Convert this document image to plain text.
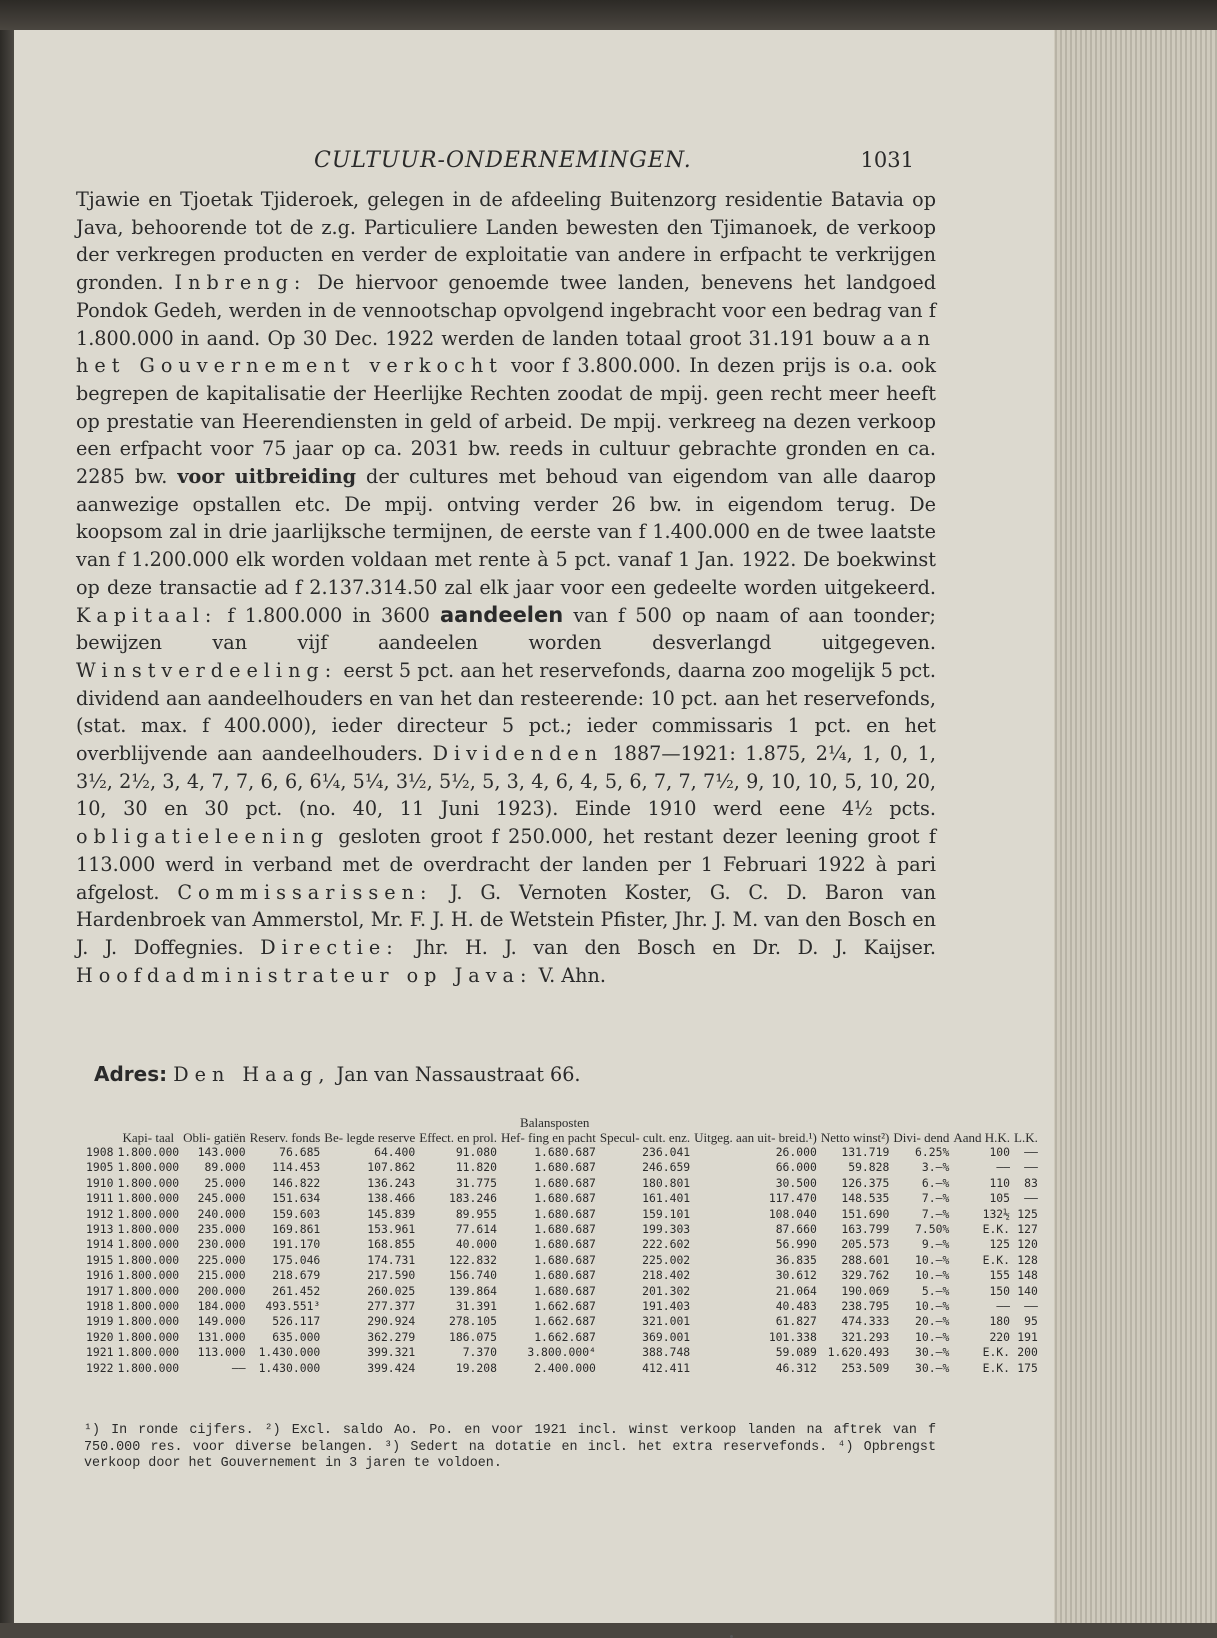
CULTUUR-ONDERNEMINGEN.	1031

Tjawie en Tjoetak Tjideroek, gelegen in de afdeeling Buitenzorg residentie Batavia op Java, behoorende tot de z.g. Particuliere Landen bewesten den Tjimanoek, de verkoop der verkregen producten en verder de exploitatie van andere in erfpacht te verkrijgen gronden. Inbreng: De hiervoor genoemde twee landen, benevens het landgoed Pondok Gedeh, werden in de vennootschap opvolgend ingebracht voor een bedrag van f 1.800.000 in aand. Op 30 Dec. 1922 werden de landen totaal groot 31.191 bouw aan het Gouvernement verkocht voor f 3.800.000. In dezen prijs is o.a. ook begrepen de kapitalisatie der Heerlijke Rechten zoodat de mpij. geen recht meer heeft op prestatie van Heerendiensten in geld of arbeid. De mpij. verkreeg na dezen verkoop een erfpacht voor 75 jaar op ca. 2031 bw. reeds in cultuur gebrachte gronden en ca. 2285 bw. voor uitbreiding der cultures met behoud van eigendom van alle daarop aanwezige opstallen etc. De mpij. ontving verder 26 bw. in eigendom terug. De koopsom zal in drie jaarlijksche termijnen, de eerste van f 1.400.000 en de twee laatste van f 1.200.000 elk worden voldaan met rente à 5 pct. vanaf 1 Jan. 1922. De boekwinst op deze transactie ad f 2.137.314.50 zal elk jaar voor een gedeelte worden uitgekeerd. Kapitaal: f 1.800.000 in 3600 aandeelen van f 500 op naam of aan toonder; bewijzen van vijf aandeelen worden desverlangd uitgegeven. Winstverdeeling: eerst 5 pct. aan het reservefonds, daarna zoo mogelijk 5 pct. dividend aan aandeelhouders en van het dan resteerende: 10 pct. aan het reservefonds, (stat. max. f 400.000), ieder directeur 5 pct.; ieder commissaris 1 pct. en het overblijvende aan aandeelhouders. Dividenden 1887—1921: 1.875, 2¼, 1, 0, 1, 3½, 2½, 3, 4, 7, 7, 6, 6, 6¼, 5¼, 3½, 5½, 5, 3, 4, 6, 4, 5, 6, 7, 7, 7½, 9, 10, 10, 5, 10, 20, 10, 30 en 30 pct. (no. 40, 11 Juni 1923). Einde 1910 werd eene 4½ pcts. obligatieleening gesloten groot f 250.000, het restant dezer leening groot f 113.000 werd in verband met de overdracht der landen per 1 Februari 1922 à pari afgelost. Commissarissen: J. G. Vernoten Koster, G. C. D. Baron van Hardenbroek van Ammerstol, Mr. F. J. H. de Wetstein Pfister, Jhr. J. M. van den Bosch en J. J. Doffegnies. Directie: Jhr. H. J. van den Bosch en Dr. D. J. Kaijser. Hoofdadministrateur op Java: V. Ahn.

Adres: Den Haag, Jan van Nassaustraat 66.
					Balansposten							
	Kapi- taal	Obli- gatiën	Reserv. fonds	Be- legde reserve	Effect. en prol.	Hef- fing en pacht	Specul- cult. enz.	Uitgeg. aan uit- breid.¹)	Netto winst²)	Divi- dend	Aand H.K.	L.K.
1908	1.800.000	143.000	76.685	64.400	91.080	1.680.687	236.041	26.000	131.719	6.25%	100	——
1905	1.800.000	89.000	114.453	107.862	11.820	1.680.687	246.659	66.000	59.828	3.—%	——	——
1910	1.800.000	25.000	146.822	136.243	31.775	1.680.687	180.801	30.500	126.375	6.—%	110	83
1911	1.800.000	245.000	151.634	138.466	183.246	1.680.687	161.401	117.470	148.535	7.—%	105	——
1912	1.800.000	240.000	159.603	145.839	89.955	1.680.687	159.101	108.040	151.690	7.—%	132½	125
1913	1.800.000	235.000	169.861	153.961	77.614	1.680.687	199.303	87.660	163.799	7.50%	E.K.	127
1914	1.800.000	230.000	191.170	168.855	40.000	1.680.687	222.602	56.990	205.573	9.—%	125	120
1915	1.800.000	225.000	175.046	174.731	122.832	1.680.687	225.002	36.835	288.601	10.—%	E.K.	128
1916	1.800.000	215.000	218.679	217.590	156.740	1.680.687	218.402	30.612	329.762	10.—%	155	148
1917	1.800.000	200.000	261.452	260.025	139.864	1.680.687	201.302	21.064	190.069	5.—%	150	140
1918	1.800.000	184.000	493.551³	277.377	31.391	1.662.687	191.403	40.483	238.795	10.—%	——	——
1919	1.800.000	149.000	526.117	290.924	278.105	1.662.687	321.001	61.827	474.333	20.—%	180	95
1920	1.800.000	131.000	635.000	362.279	186.075	1.662.687	369.001	101.338	321.293	10.—%	220	191
1921	1.800.000	113.000	1.430.000	399.321	7.370	3.800.000⁴	388.748	59.089	1.620.493	30.—%	E.K.	200
1922	1.800.000	——	1.430.000	399.424	19.208	2.400.000	412.411	46.312	253.509	30.—%	E.K.	175

¹) In ronde cijfers. ²) Excl. saldo Ao. Po. en voor 1921 incl. winst verkoop landen na aftrek van f 750.000 res. voor diverse belangen. ³) Sedert na dotatie en incl. het extra reservefonds. ⁴) Opbrengst verkoop door het Gouvernement in 3 jaren te voldoen.
